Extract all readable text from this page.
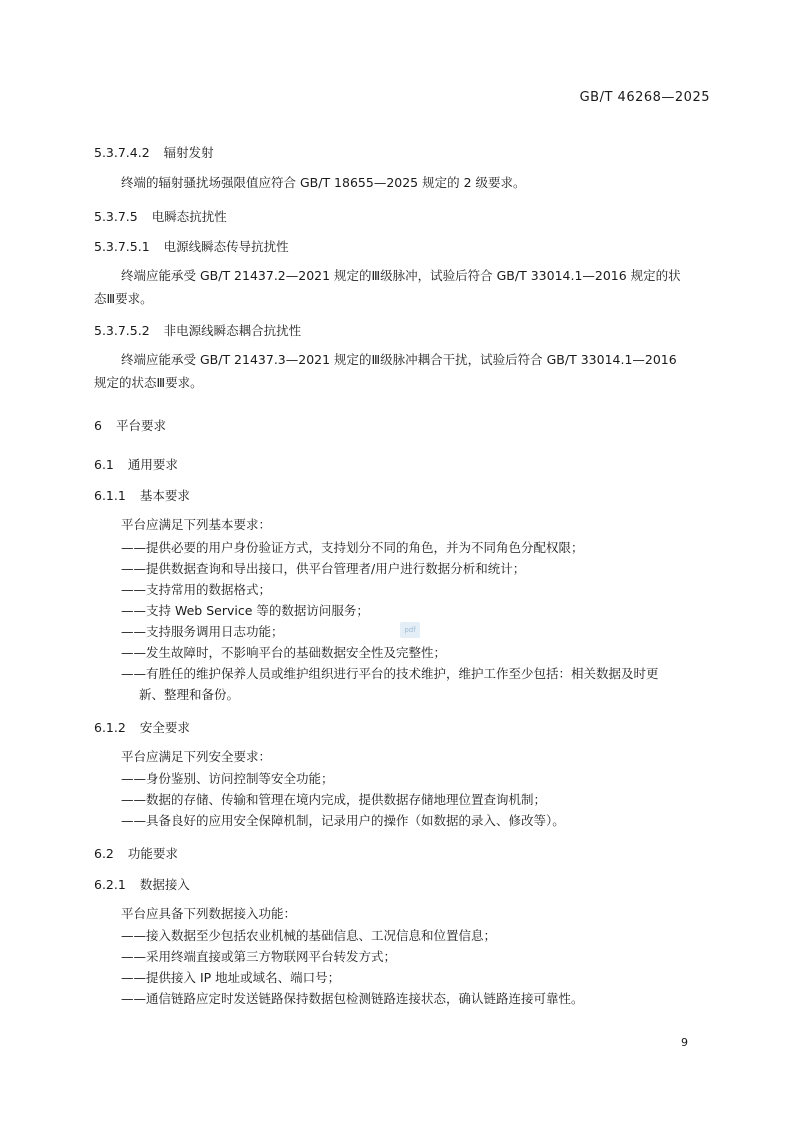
GB/T 46268—2025
5.3.7.4.2 辐射发射
终端的辐射骚扰场强限值应符合 GB/T 18655—2025 规定的 2 级要求。
5.3.7.5 电瞬态抗扰性
5.3.7.5.1 电源线瞬态传导抗扰性
终端应能承受 GB/T 21437.2—2021 规定的Ⅲ级脉冲，试验后符合 GB/T 33014.1—2016 规定的状
态Ⅲ要求。
5.3.7.5.2 非电源线瞬态耦合抗扰性
终端应能承受 GB/T 21437.3—2021 规定的Ⅲ级脉冲耦合干扰，试验后符合 GB/T 33014.1—2016
规定的状态Ⅲ要求。
6 平台要求
6.1 通用要求
6.1.1 基本要求
平台应满足下列基本要求：
——提供必要的用户身份验证方式，支持划分不同的角色，并为不同角色分配权限；
——提供数据查询和导出接口，供平台管理者/用户进行数据分析和统计；
——支持常用的数据格式；
——支持 Web Service 等的数据访问服务；
——支持服务调用日志功能；
——发生故障时，不影响平台的基础数据安全性及完整性；
——有胜任的维护保养人员或维护组织进行平台的技术维护，维护工作至少包括：相关数据及时更
新、整理和备份。
pdf
6.1.2 安全要求
平台应满足下列安全要求：
——身份鉴别、访问控制等安全功能；
——数据的存储、传输和管理在境内完成，提供数据存储地理位置查询机制；
——具备良好的应用安全保障机制，记录用户的操作（如数据的录入、修改等）。
6.2 功能要求
6.2.1 数据接入
平台应具备下列数据接入功能：
——接入数据至少包括农业机械的基础信息、工况信息和位置信息；
——采用终端直接或第三方物联网平台转发方式；
——提供接入 IP 地址或域名、端口号；
——通信链路应定时发送链路保持数据包检测链路连接状态，确认链路连接可靠性。
9
